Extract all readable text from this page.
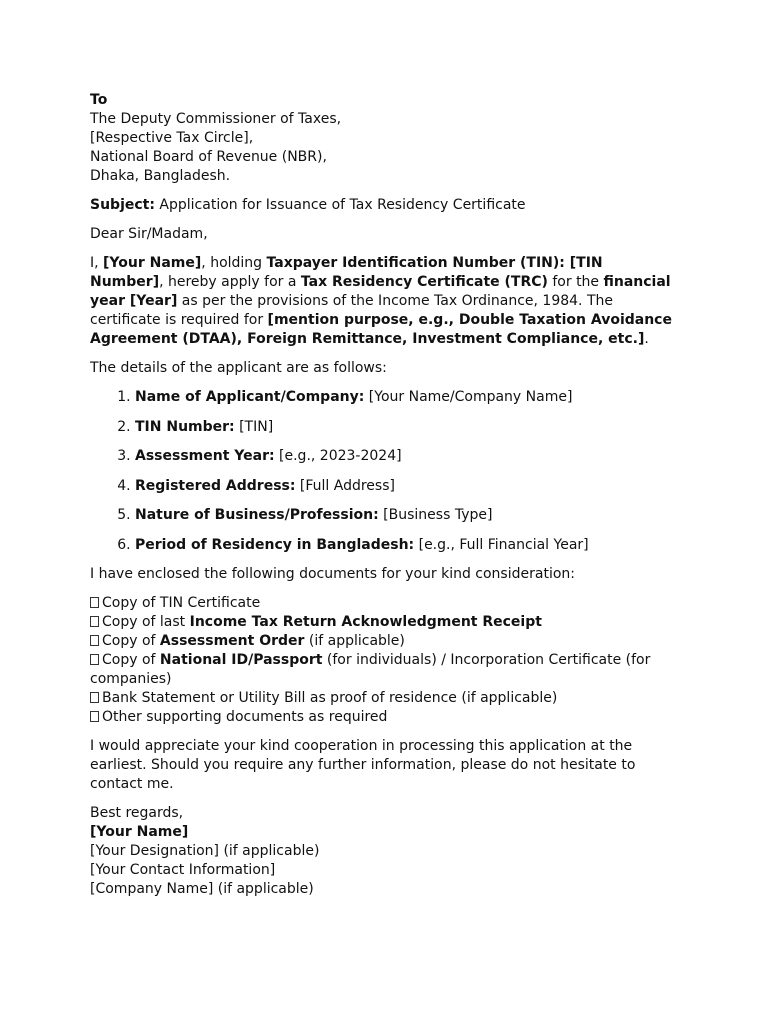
To

The Deputy Commissioner of Taxes,

[Respective Tax Circle],

National Board of Revenue (NBR),

Dhaka, Bangladesh.

Subject: Application for Issuance of Tax Residency Certificate

Dear Sir/Madam,

I, [Your Name], holding Taxpayer Identification Number (TIN): [TIN Number], hereby apply for a Tax Residency Certificate (TRC) for the financial year [Year] as per the provisions of the Income Tax Ordinance, 1984. The certificate is required for [mention purpose, e.g., Double Taxation Avoidance Agreement (DTAA), Foreign Remittance, Investment Compliance, etc.].

The details of the applicant are as follows:

1. Name of Applicant/Company: [Your Name/Company Name]
2. TIN Number: [TIN]
3. Assessment Year: [e.g., 2023-2024]
4. Registered Address: [Full Address]
5. Nature of Business/Profession: [Business Type]
6. Period of Residency in Bangladesh: [e.g., Full Financial Year]

I have enclosed the following documents for your kind consideration:

Copy of TIN Certificate
Copy of last Income Tax Return Acknowledgment Receipt
Copy of Assessment Order (if applicable)
Copy of National ID/Passport (for individuals) / Incorporation Certificate (for companies)
Bank Statement or Utility Bill as proof of residence (if applicable)
Other supporting documents as required

I would appreciate your kind cooperation in processing this application at the earliest. Should you require any further information, please do not hesitate to contact me.

Best regards,

[Your Name]

[Your Designation] (if applicable)

[Your Contact Information]

[Company Name] (if applicable)
